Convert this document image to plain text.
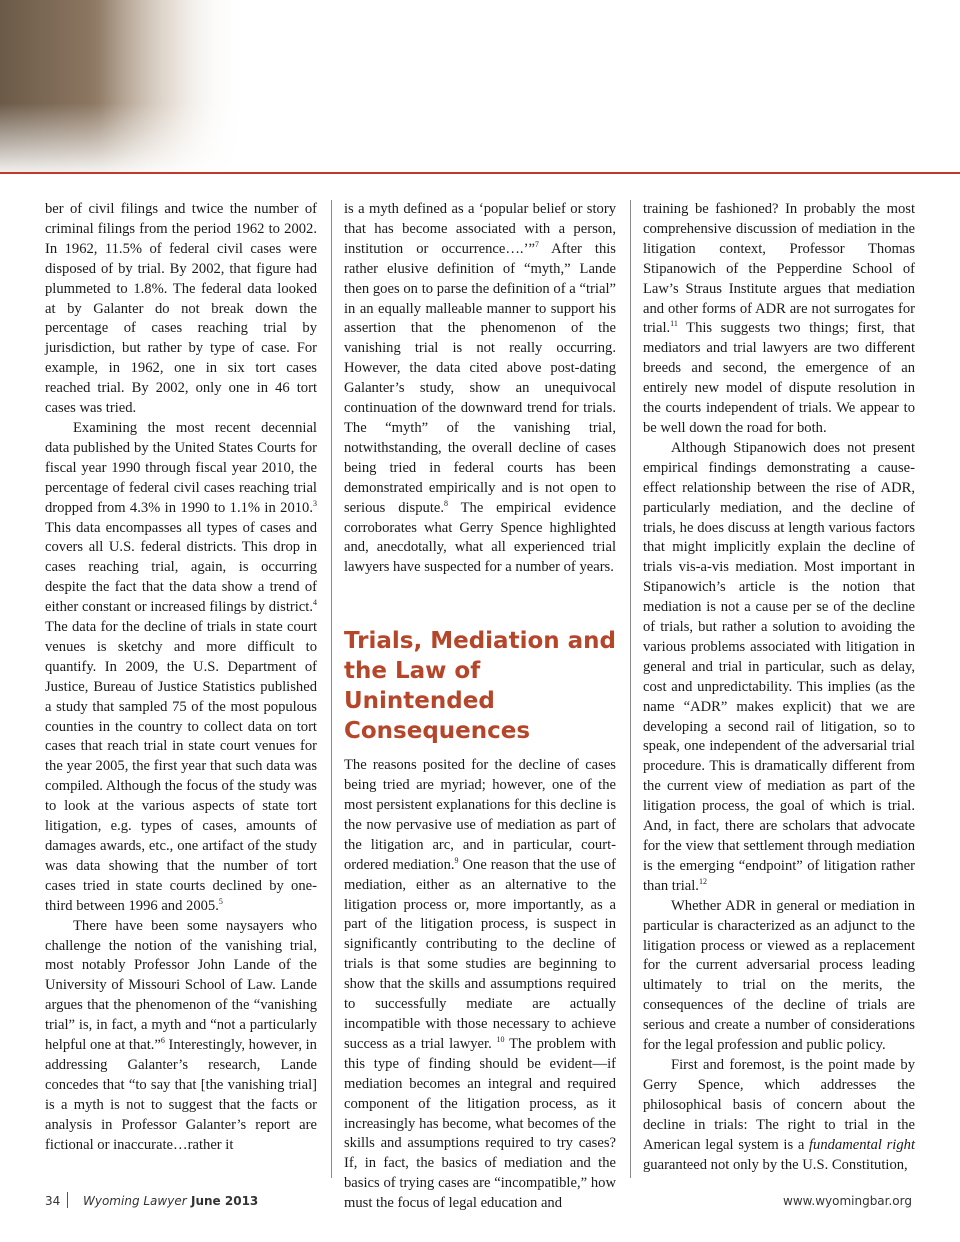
ber of civil filings and twice the number of criminal filings from the period 1962 to 2002. In 1962, 11.5% of federal civil cases were disposed of by trial. By 2002, that figure had plummeted to 1.8%. The federal data looked at by Galanter do not break down the percentage of cases reaching trial by jurisdiction, but rather by type of case. For example, in 1962, one in six tort cases reached trial. By 2002, only one in 46 tort cases was tried.

Examining the most recent decennial data published by the United States Courts for fiscal year 1990 through fiscal year 2010, the percentage of federal civil cases reaching trial dropped from 4.3% in 1990 to 1.1% in 2010.$^3$ This data encompasses all types of cases and covers all U.S. federal districts. This drop in cases reaching trial, again, is occurring despite the fact that the data show a trend of either constant or increased filings by district.$^4$ The data for the decline of trials in state court venues is sketchy and more difficult to quantify. In 2009, the U.S. Department of Justice, Bureau of Justice Statistics published a study that sampled 75 of the most populous counties in the country to collect data on tort cases that reach trial in state court venues for the year 2005, the first year that such data was compiled. Although the focus of the study was to look at the various aspects of state tort litigation, e.g. types of cases, amounts of damages awards, etc., one artifact of the study was data showing that the number of tort cases tried in state courts declined by one-third between 1996 and 2005.$^5$

There have been some naysayers who challenge the notion of the vanishing trial, most notably Professor John Lande of the University of Missouri School of Law. Lande argues that the phenomenon of the “vanishing trial” is, in fact, a myth and “not a particularly helpful one at that.”$^6$ Interestingly, however, in addressing Galanter’s research, Lande concedes that “to say that [the vanishing trial] is a myth is not to suggest that the facts or analysis in Professor Galanter’s report are fictional or inaccurate…rather it

is a myth defined as a ‘popular belief or story that has become associated with a person, institution or occurrence….’”$^7$ After this rather elusive definition of “myth,” Lande then goes on to parse the definition of a “trial” in an equally malleable manner to support his assertion that the phenomenon of the vanishing trial is not really occurring. However, the data cited above post-dating Galanter’s study, show an unequivocal continuation of the downward trend for trials. The “myth” of the vanishing trial, notwithstanding, the overall decline of cases being tried in federal courts has been demonstrated empirically and is not open to serious dispute.$^8$ The empirical evidence corroborates what Gerry Spence highlighted and, anecdotally, what all experienced trial lawyers have suspected for a number of years.

Trials, Mediation and the Law of Unintended Consequences

The reasons posited for the decline of cases being tried are myriad; however, one of the most persistent explanations for this decline is the now pervasive use of mediation as part of the litigation arc, and in particular, court-ordered mediation.$^9$ One reason that the use of mediation, either as an alternative to the litigation process or, more importantly, as a part of the litigation process, is suspect in significantly contributing to the decline of trials is that some studies are beginning to show that the skills and assumptions required to successfully mediate are actually incompatible with those necessary to achieve success as a trial lawyer. $^{10}$ The problem with this type of finding should be evident—if mediation becomes an integral and required component of the litigation process, as it increasingly has become, what becomes of the skills and assumptions required to try cases? If, in fact, the basics of mediation and the basics of trying cases are “incompatible,” how must the focus of legal education and

training be fashioned? In probably the most comprehensive discussion of mediation in the litigation context, Professor Thomas Stipanowich of the Pepperdine School of Law’s Straus Institute argues that mediation and other forms of ADR are not surrogates for trial.$^{11}$ This suggests two things; first, that mediators and trial lawyers are two different breeds and second, the emergence of an entirely new model of dispute resolution in the courts independent of trials. We appear to be well down the road for both.

Although Stipanowich does not present empirical findings demonstrating a cause-effect relationship between the rise of ADR, particularly mediation, and the decline of trials, he does discuss at length various factors that might implicitly explain the decline of trials vis-a-vis mediation. Most important in Stipanowich’s article is the notion that mediation is not a cause per se of the decline of trials, but rather a solution to avoiding the various problems associated with litigation in general and trial in particular, such as delay, cost and unpredictability. This implies (as the name “ADR” makes explicit) that we are developing a second rail of litigation, so to speak, one independent of the adversarial trial procedure. This is dramatically different from the current view of mediation as part of the litigation process, the goal of which is trial. And, in fact, there are scholars that advocate for the view that settlement through mediation is the emerging “endpoint” of litigation rather than trial.$^{12}$

Whether ADR in general or mediation in particular is characterized as an adjunct to the litigation process or viewed as a replacement for the current adversarial process leading ultimately to trial on the merits, the consequences of the decline of trials are serious and create a number of considerations for the legal profession and public policy.

First and foremost, is the point made by Gerry Spence, which addresses the philosophical basis of concern about the decline in trials: The right to trial in the American legal system is a fundamental right guaranteed not only by the U.S. Constitution,

34 Wyoming Lawyer June 2013	www.wyomingbar.org
